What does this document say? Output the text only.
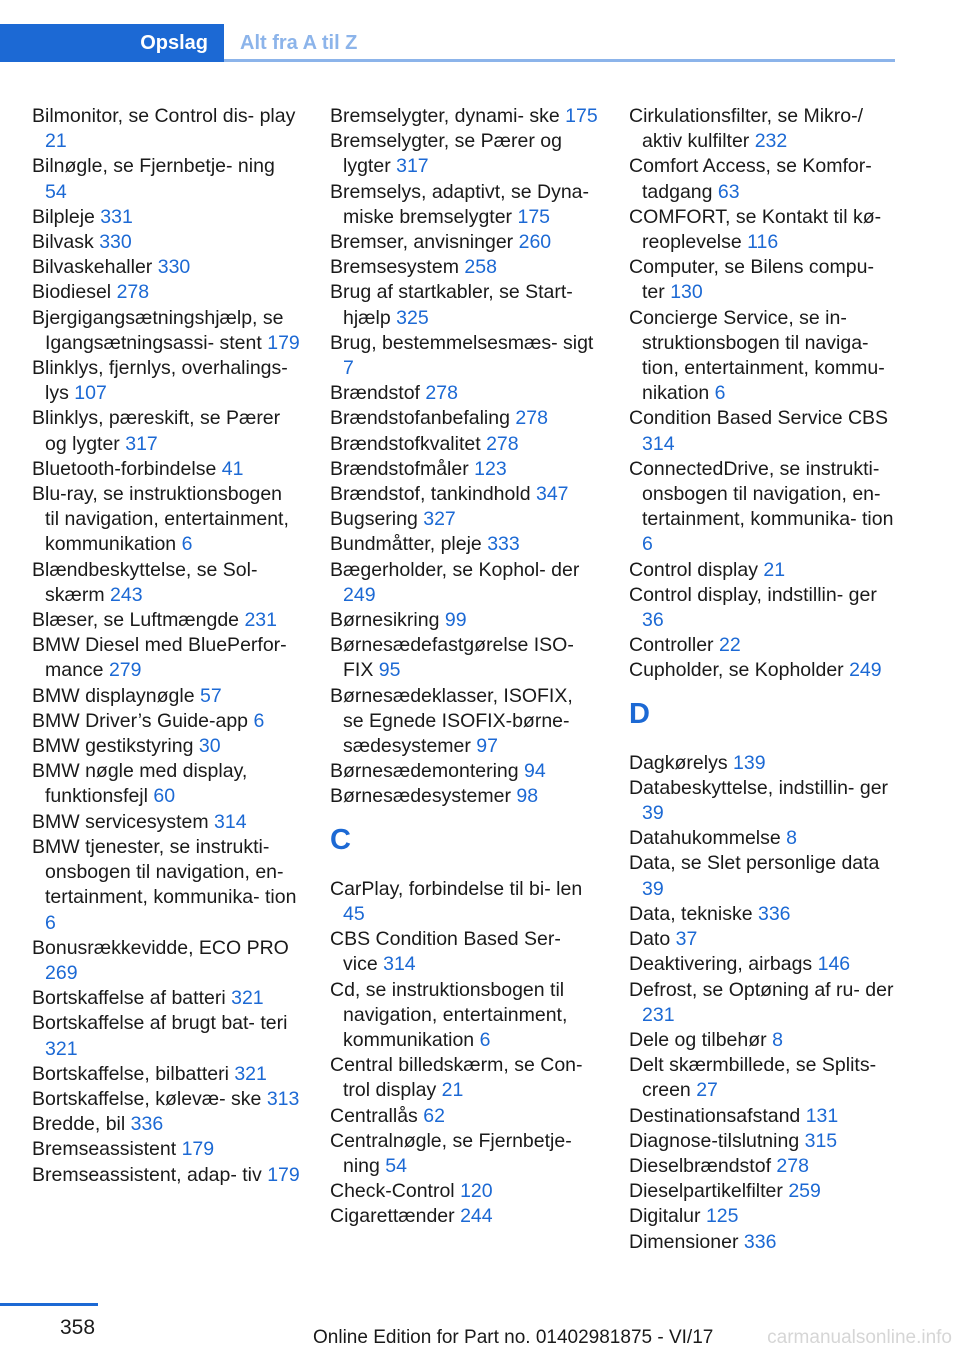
Opslag	Alt fra A til Z
Bilmonitor, se Control dis‐ play 21
Bilnøgle, se Fjernbetje‐ ning 54
Bilpleje 331
Bilvask 330
Bilvaskehaller 330
Biodiesel 278
Bjergigangsætningshjælp, se Igangsætningsassi‐ stent 179
Blinklys, fjernlys, overhalings‐ lys 107
Blinklys, pæreskift, se Pærer og lygter 317
Bluetooth-forbindelse 41
Blu-ray, se instruktionsbogen til navigation, entertainment, kommunikation 6
Blændbeskyttelse, se Sol‐ skærm 243
Blæser, se Luftmængde 231
BMW Diesel med BluePerfor‐ mance 279
BMW displaynøgle 57
BMW Driver’s Guide-app 6
BMW gestikstyring 30
BMW nøgle med display, funktionsfejl 60
BMW servicesystem 314
BMW tjenester, se instrukti‐ onsbogen til navigation, en‐ tertainment, kommunika‐ tion 6
Bonusrækkevidde, ECO PRO 269
Bortskaffelse af batteri 321
Bortskaffelse af brugt bat‐ teri 321
Bortskaffelse, bilbatteri 321
Bortskaffelse, kølevæ‐ ske 313
Bredde, bil 336
Bremseassistent 179
Bremseassistent, adap‐ tiv 179
Bremselygter, dynami‐ ske 175
Bremselygter, se Pærer og lygter 317
Bremselys, adaptivt, se Dyna‐ miske bremselygter 175
Bremser, anvisninger 260
Bremsesystem 258
Brug af startkabler, se Start‐ hjælp 325
Brug, bestemmelsesmæs‐ sigt 7
Brændstof 278
Brændstofanbefaling 278
Brændstofkvalitet 278
Brændstofmåler 123
Brændstof, tankindhold 347
Bugsering 327
Bundmåtter, pleje 333
Bægerholder, se Kophol‐ der 249
Børnesikring 99
Børnesædefastgørelse ISO‐ FIX 95
Børnesædeklasser, ISOFIX, se Egnede ISOFIX-børne‐ sædesystemer 97
Børnesædemontering 94
Børnesædesystemer 98
C
CarPlay, forbindelse til bi‐ len 45
CBS Condition Based Ser‐ vice 314
Cd, se instruktionsbogen til navigation, entertainment, kommunikation 6
Central billedskærm, se Con‐ trol display 21
Centrallås 62
Centralnøgle, se Fjernbetje‐ ning 54
Check-Control 120
Cigarettænder 244
Cirkulationsfilter, se Mikro-/ aktiv kulfilter 232
Comfort Access, se Komfor‐ tadgang 63
COMFORT, se Kontakt til kø‐ reoplevelse 116
Computer, se Bilens compu‐ ter 130
Concierge Service, se in‐ struktionsbogen til naviga‐ tion, entertainment, kommu‐ nikation 6
Condition Based Service CBS 314
ConnectedDrive, se instrukti‐ onsbogen til navigation, en‐ tertainment, kommunika‐ tion 6
Control display 21
Control display, indstillin‐ ger 36
Controller 22
Cupholder, se Kopholder 249
D
Dagkørelys 139
Databeskyttelse, indstillin‐ ger 39
Datahukommelse 8
Data, se Slet personlige data 39
Data, tekniske 336
Dato 37
Deaktivering, airbags 146
Defrost, se Optøning af ru‐ der 231
Dele og tilbehør 8
Delt skærmbillede, se Splits‐ creen 27
Destinationsafstand 131
Diagnose-tilslutning 315
Dieselbrændstof 278
Dieselpartikelfilter 259
Digitalur 125
Dimensioner 336
358	Online Edition for Part no. 01402981875 - VI/17	carmanualsonline.info
